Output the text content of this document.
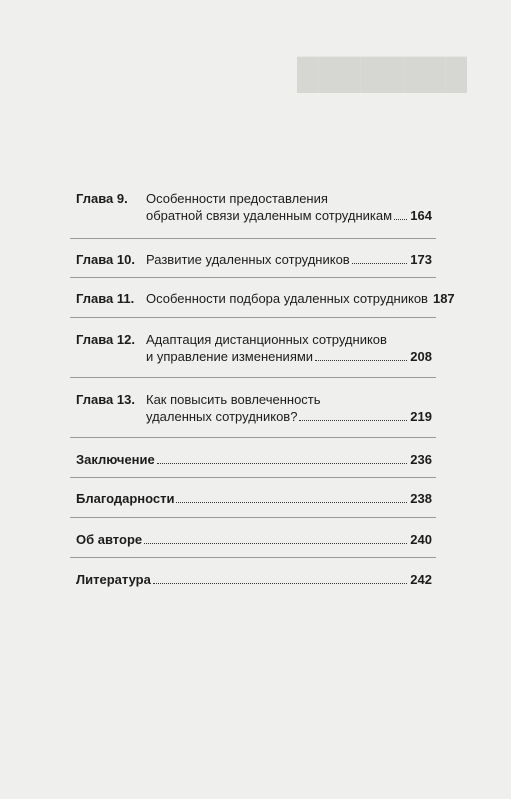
████████
Глава 9. Особенности предоставления
обратной связи удаленным сотрудникам 164
Глава 10. Развитие удаленных сотрудников	173
Глава 11. Особенности подбора удаленных сотрудников 187
Глава 12. Адаптация дистанционных сотрудников
и управление изменениями	208
Глава 13. Как повысить вовлеченность
удаленных сотрудников?	219
Заключение	236
Благодарности	238
Об авторе	240
Литература	242
